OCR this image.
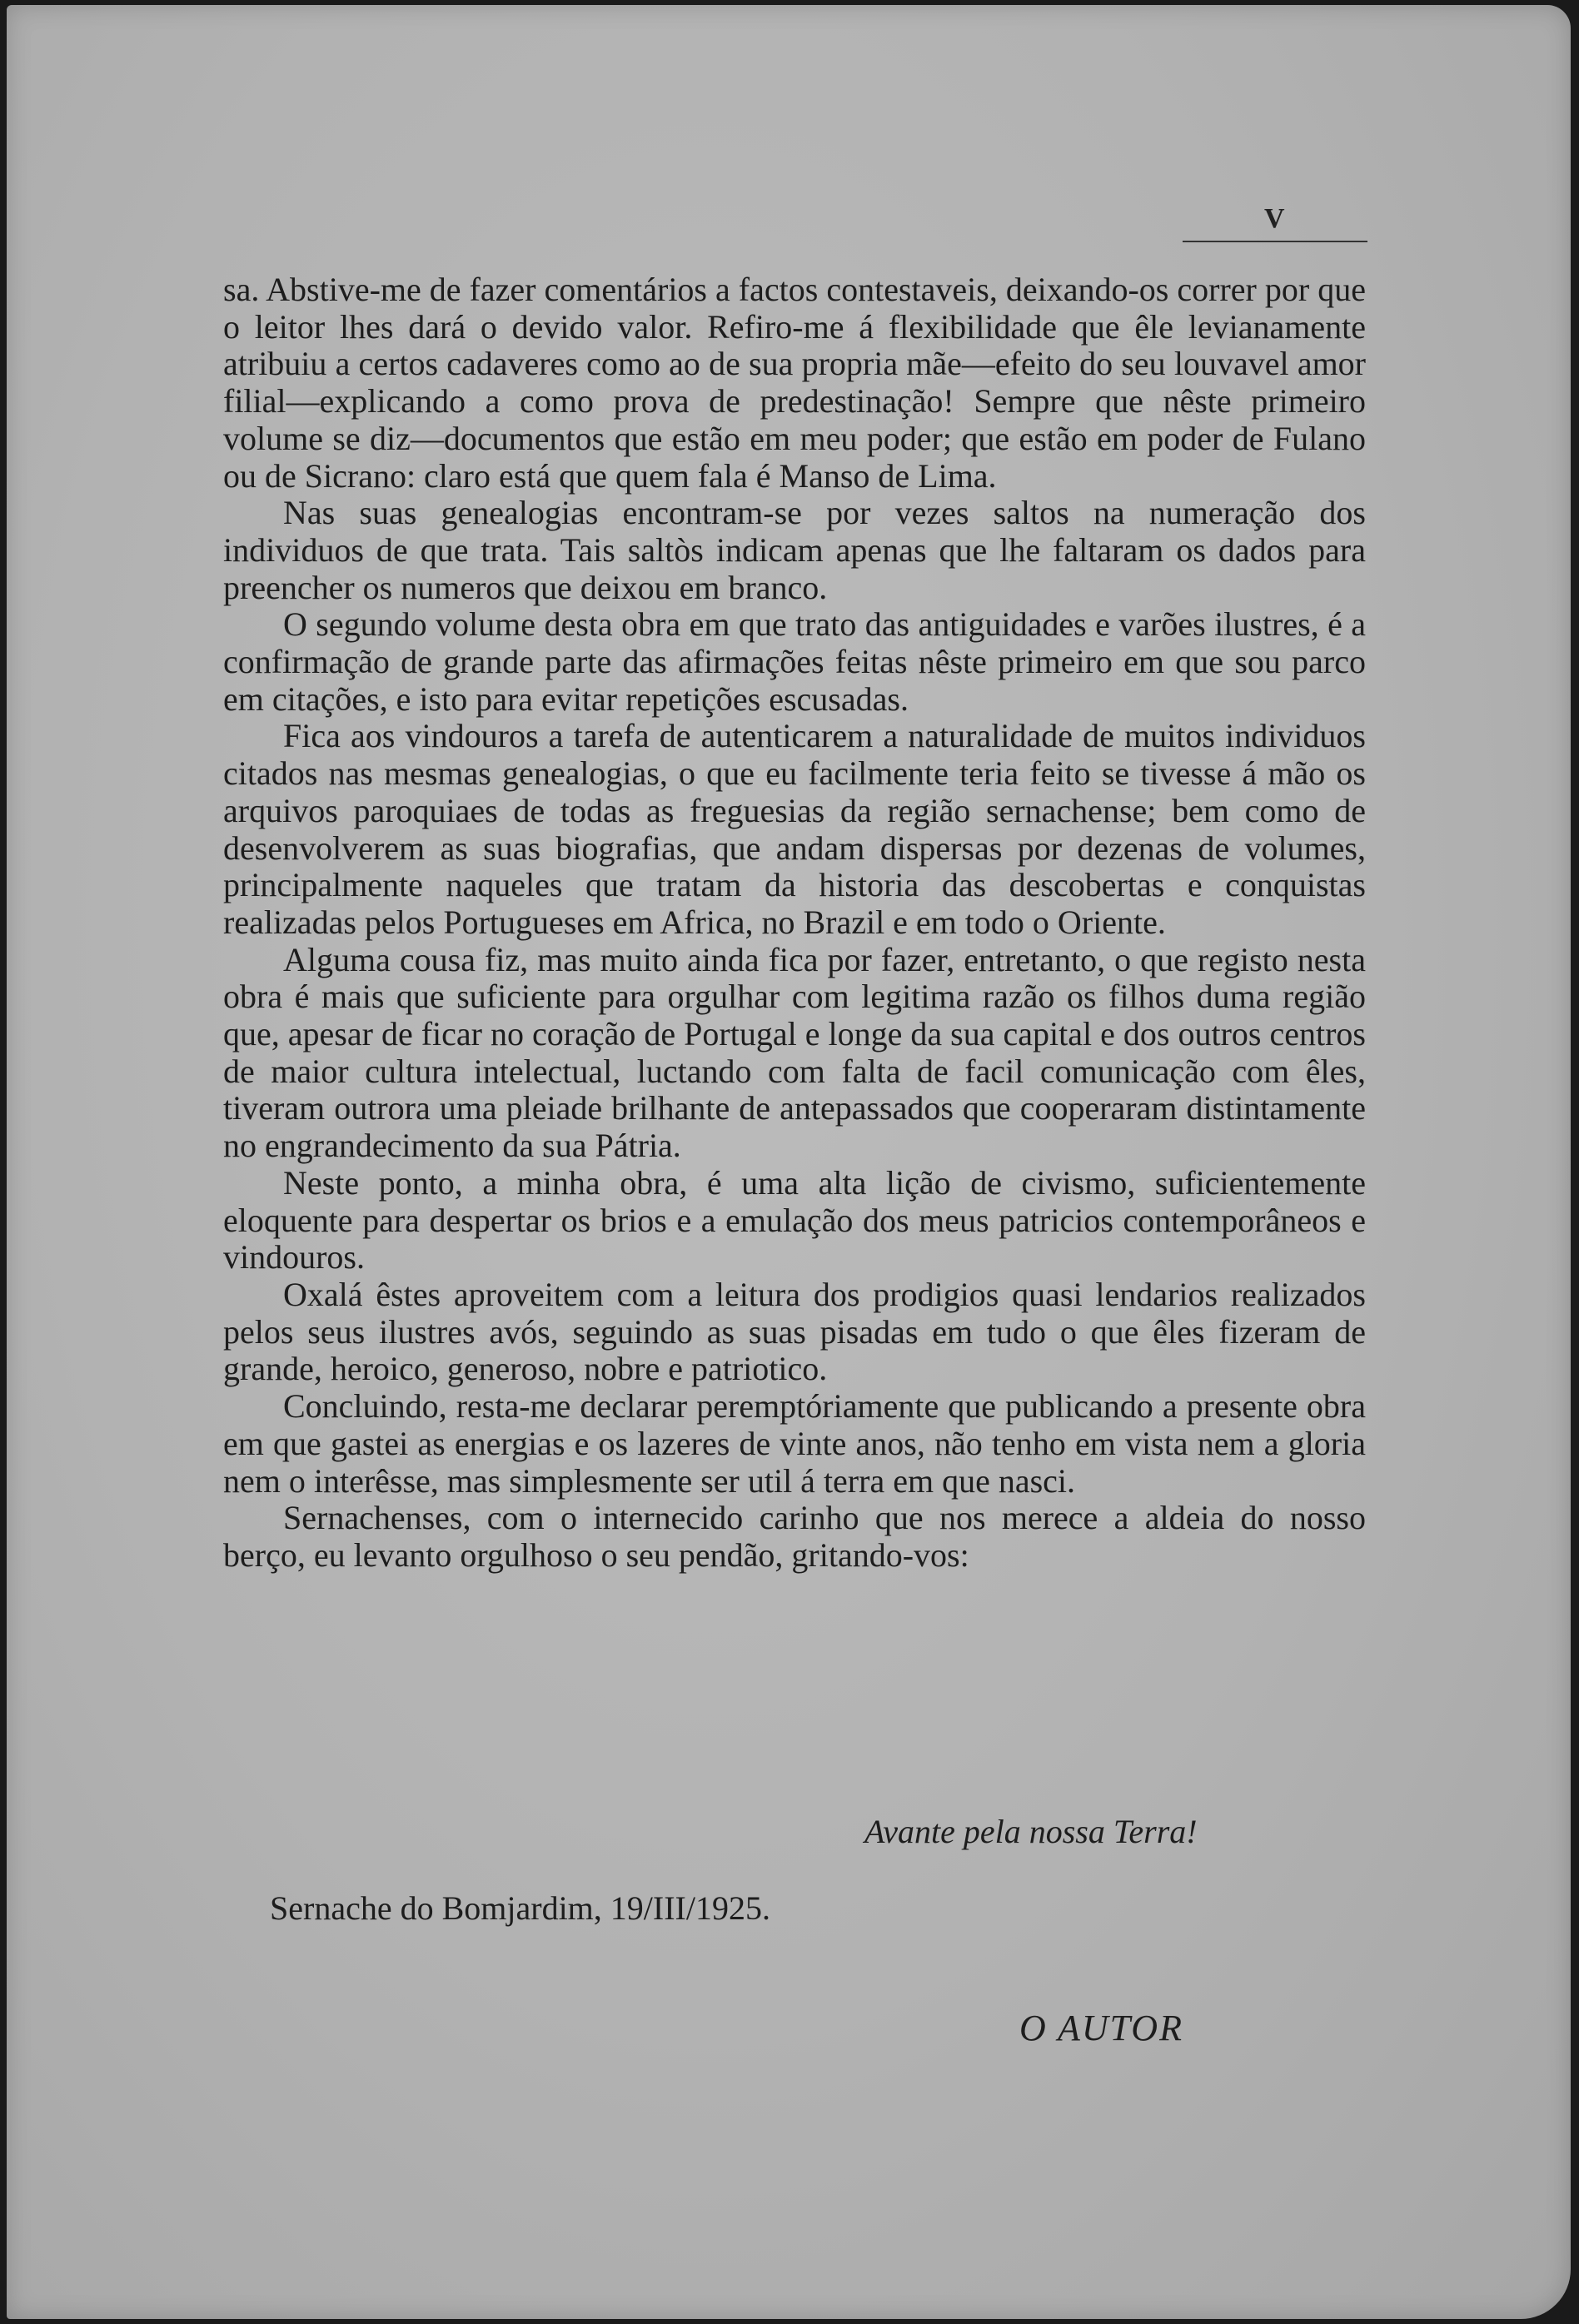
V

sa. Abstive-me de fazer comentários a factos contestaveis, deixando-os correr por que o leitor lhes dará o devido valor. Refiro-me á flexibilidade que êle levianamente atribuiu a certos cadaveres como ao de sua propria mãe—efeito do seu louvavel amor filial—explicando a como prova de predestinação! Sempre que nêste primeiro volume se diz—documentos que estão em meu poder; que estão em poder de Fulano ou de Sicrano: claro está que quem fala é Manso de Lima.

Nas suas genealogias encontram-se por vezes saltos na numeração dos individuos de que trata. Tais saltòs indicam apenas que lhe faltaram os dados para preencher os numeros que deixou em branco.

O segundo volume desta obra em que trato das antiguidades e varões ilustres, é a confirmação de grande parte das afirmações feitas nêste primeiro em que sou parco em citações, e isto para evitar repetições escusadas.

Fica aos vindouros a tarefa de autenticarem a naturalidade de muitos individuos citados nas mesmas genealogias, o que eu facilmente teria feito se tivesse á mão os arquivos paroquiaes de todas as freguesias da região sernachense; bem como de desenvolverem as suas biografias, que andam dispersas por dezenas de volumes, principalmente naqueles que tratam da historia das descobertas e conquistas realizadas pelos Portugueses em Africa, no Brazil e em todo o Oriente.

Alguma cousa fiz, mas muito ainda fica por fazer, entretanto, o que registo nesta obra é mais que suficiente para orgulhar com legitima razão os filhos duma região que, apesar de ficar no coração de Portugal e longe da sua capital e dos outros centros de maior cultura intelectual, luctando com falta de facil comunicação com êles, tiveram outrora uma pleiade brilhante de antepassados que cooperaram distintamente no engrandecimento da sua Pátria.

Neste ponto, a minha obra, é uma alta lição de civismo, suficientemente eloquente para despertar os brios e a emulação dos meus patricios contemporâneos e vindouros.

Oxalá êstes aproveitem com a leitura dos prodigios quasi lendarios realizados pelos seus ilustres avós, seguindo as suas pisadas em tudo o que êles fizeram de grande, heroico, generoso, nobre e patriotico.

Concluindo, resta-me declarar peremptóriamente que publicando a presente obra em que gastei as energias e os lazeres de vinte anos, não tenho em vista nem a gloria nem o interêsse, mas simplesmente ser util á terra em que nasci.

Sernachenses, com o internecido carinho que nos merece a aldeia do nosso berço, eu levanto orgulhoso o seu pendão, gritando-vos:

Avante pela nossa Terra!
Sernache do Bomjardim, 19/III/1925.
O AUTOR
